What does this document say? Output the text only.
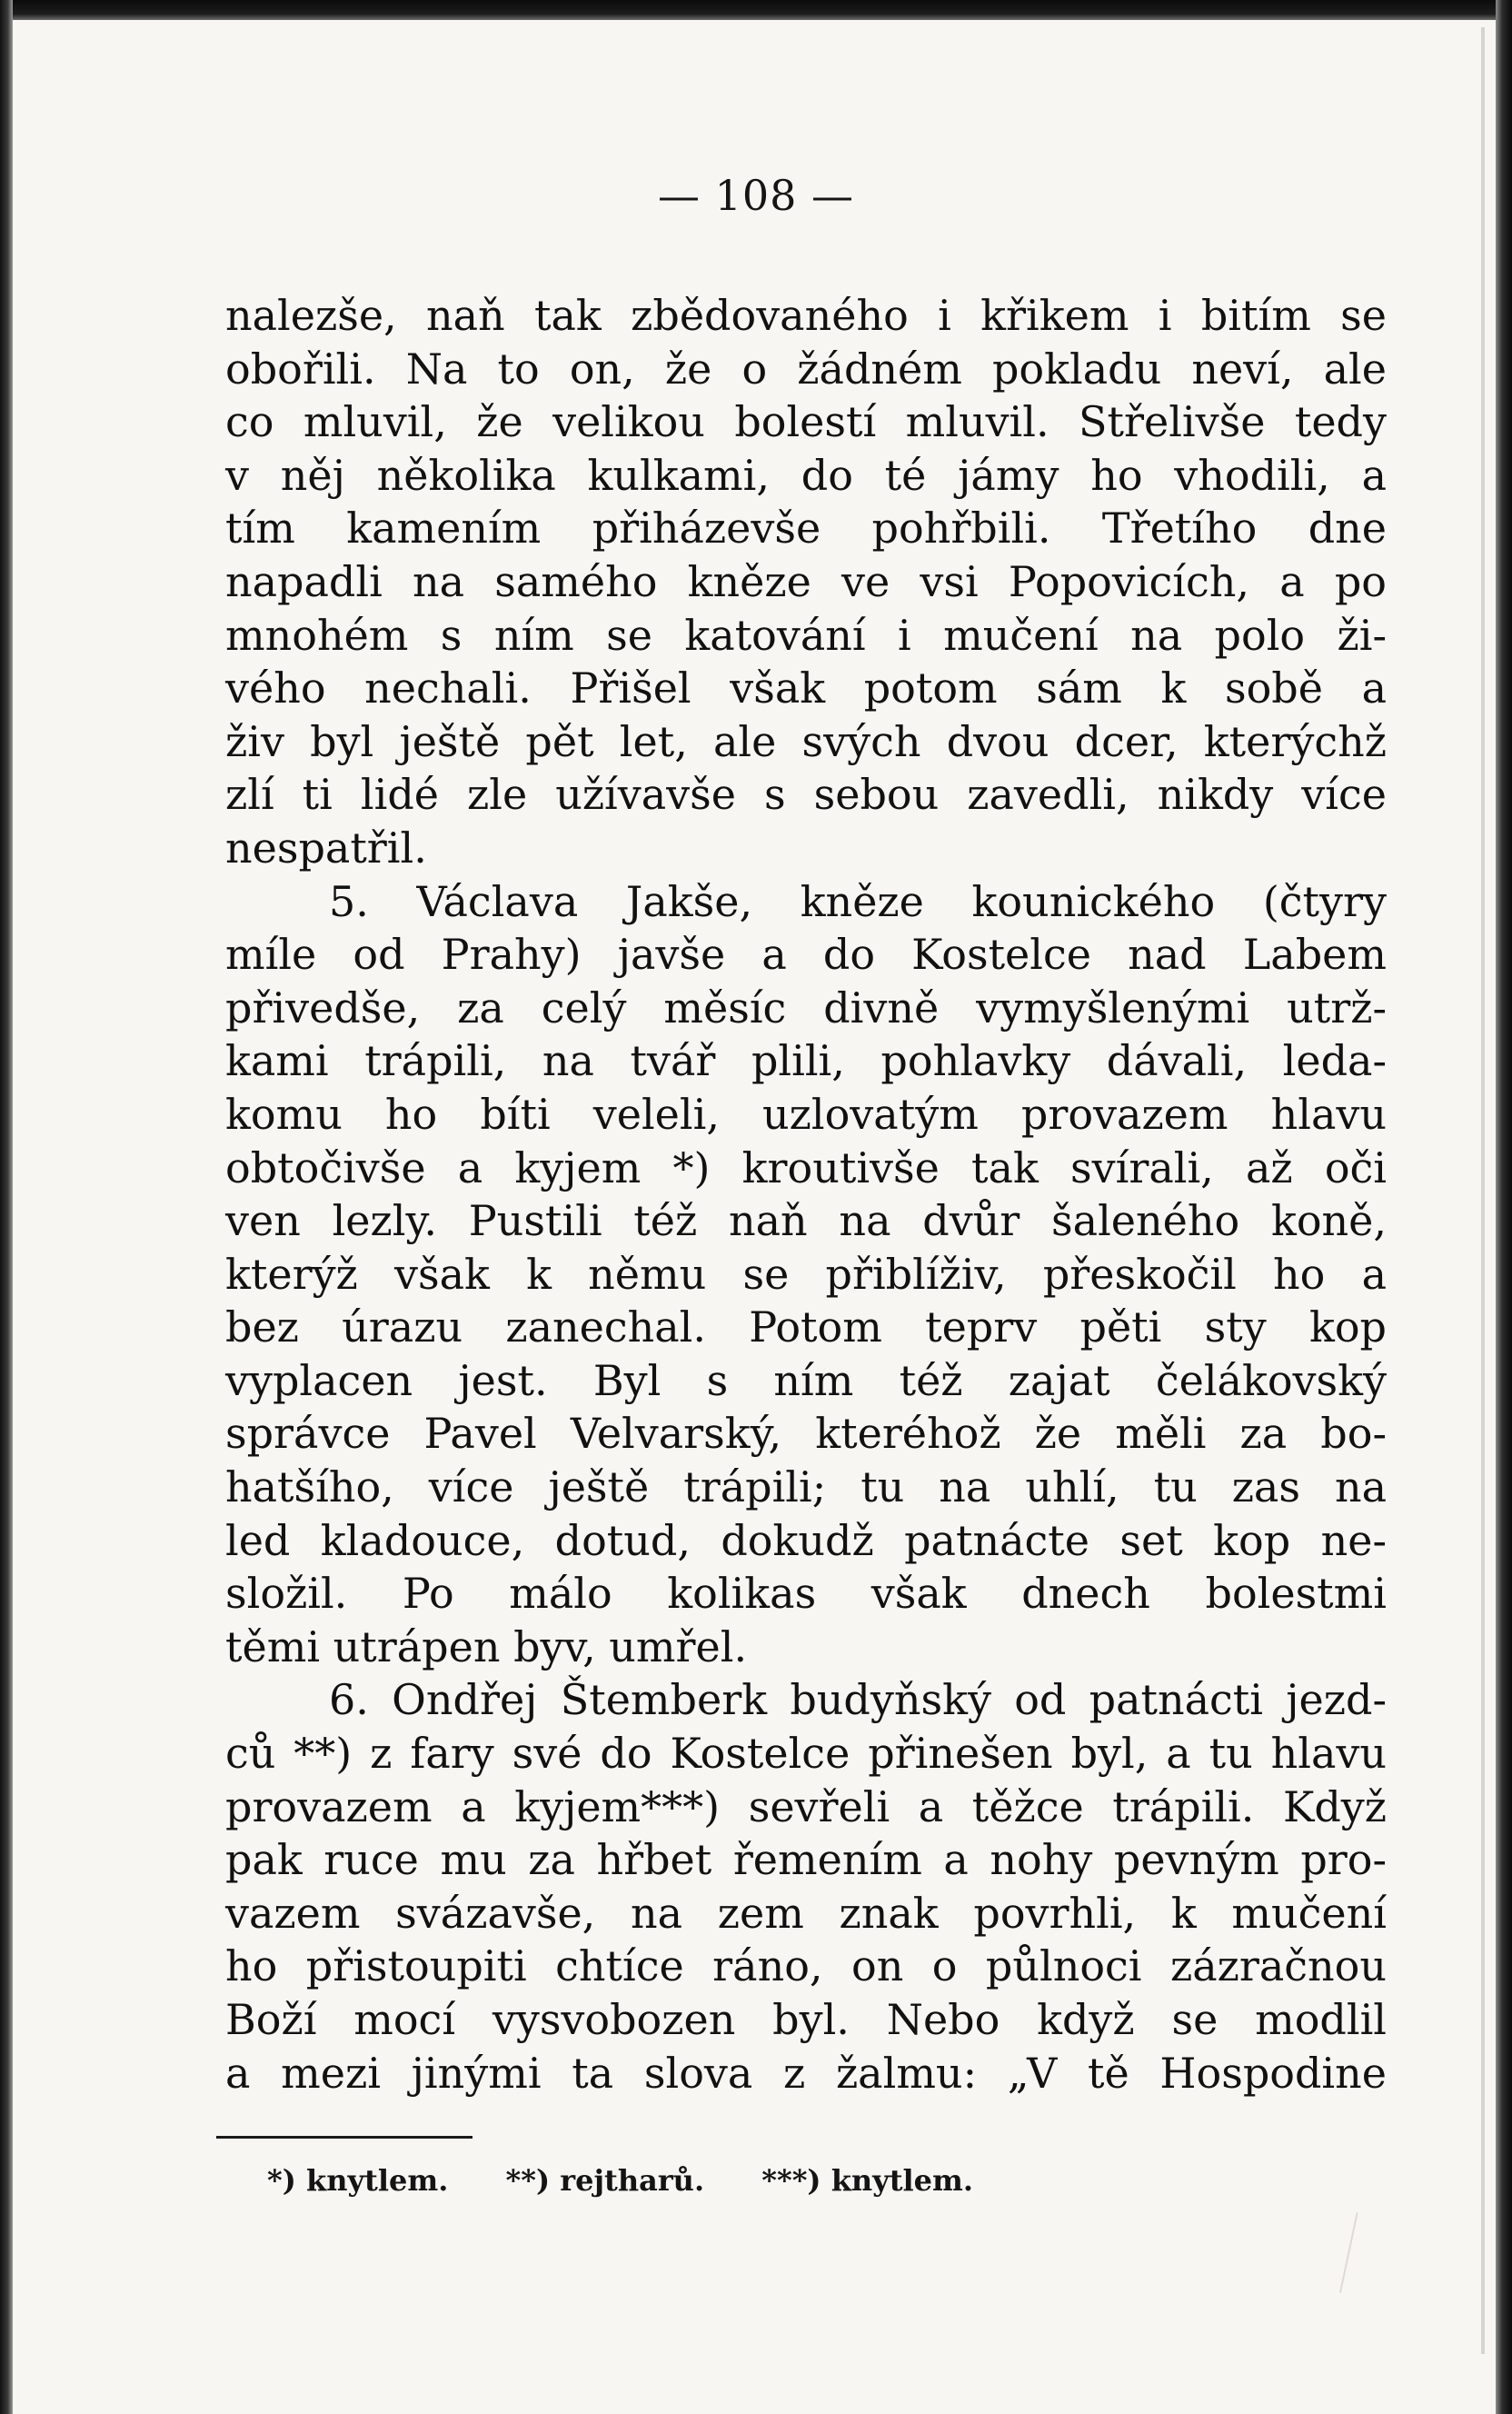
— 108 —
nalezše, naň tak zbědovaného i křikem i bitím se
obořili. Na to on, že o žádném pokladu neví, ale
co mluvil, že velikou bolestí mluvil. Střelivše tedy
v něj několika kulkami, do té jámy ho vhodili, a
tím kamením přiházevše pohřbili. Třetího dne
napadli na samého kněze ve vsi Popovicích, a po
mnohém s ním se katování i mučení na polo ži-
vého nechali. Přišel však potom sám k sobě a
živ byl ještě pět let, ale svých dvou dcer, kterýchž
zlí ti lidé zle užívavše s sebou zavedli, nikdy více
nespatřil.
5. Václava Jakše, kněze kounického (čtyry
míle od Prahy) javše a do Kostelce nad Labem
přivedše, za celý měsíc divně vymyšlenými utrž-
kami trápili, na tvář plili, pohlavky dávali, leda-
komu ho bíti veleli, uzlovatým provazem hlavu
obtočivše a kyjem *) kroutivše tak svírali, až oči
ven lezly. Pustili též naň na dvůr šaleného koně,
kterýž však k němu se přiblíživ, přeskočil ho a
bez úrazu zanechal. Potom teprv pěti sty kop
vyplacen jest. Byl s ním též zajat čelákovský
správce Pavel Velvarský, kteréhož že měli za bo-
hatšího, více ještě trápili; tu na uhlí, tu zas na
led kladouce, dotud, dokudž patnácte set kop ne-
složil. Po málo kolikas však dnech bolestmi
těmi utrápen byv, umřel.
6. Ondřej Štemberk budyňský od patnácti jezd-
ců **) z fary své do Kostelce přinešen byl, a tu hlavu
provazem a kyjem***) sevřeli a těžce trápili. Když
pak ruce mu za hřbet řemením a nohy pevným pro-
vazem svázavše, na zem znak povrhli, k mučení
ho přistoupiti chtíce ráno, on o půlnoci zázračnou
Boží mocí vysvobozen byl. Nebo když se modlil
a mezi jinými ta slova z žalmu: „V tě Hospodine
*) knytlem. **) rejtharů. ***) knytlem.
